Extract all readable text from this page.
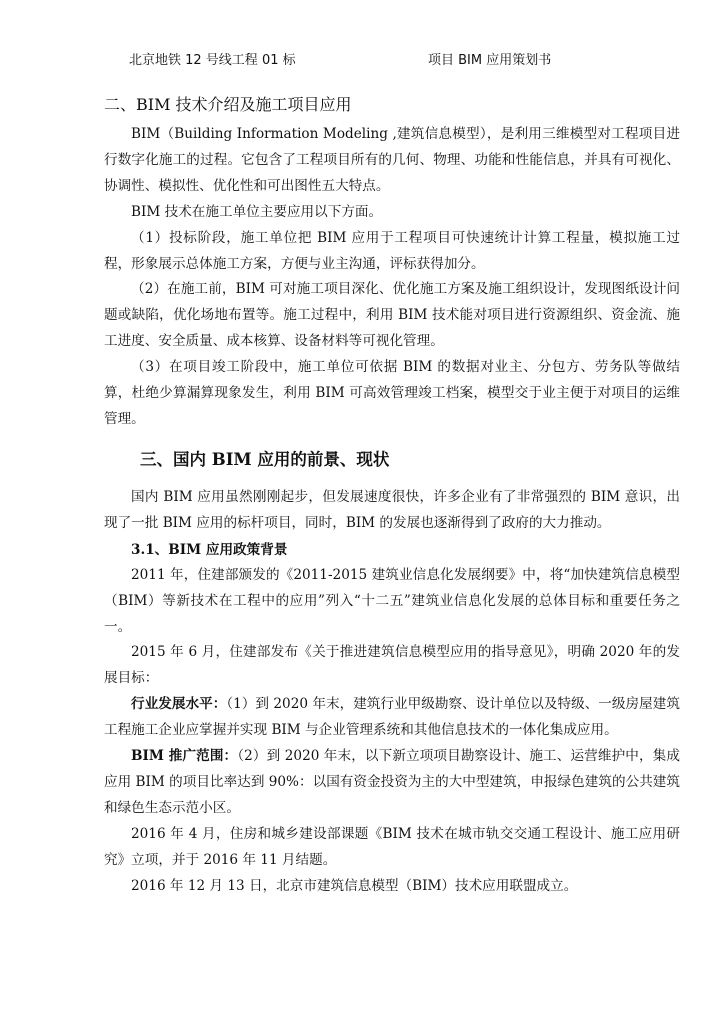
北京地铁 12 号线工程 01 标	项目 BIM 应用策划书
二、BIM 技术介绍及施工项目应用

BIM（Building Information Modeling ,建筑信息模型），是利用三维模型对工程项目进行数字化施工的过程。它包含了工程项目所有的几何、物理、功能和性能信息，并具有可视化、协调性、模拟性、优化性和可出图性五大特点。

BIM 技术在施工单位主要应用以下方面。

（1）投标阶段，施工单位把 BIM 应用于工程项目可快速统计计算工程量，模拟施工过程，形象展示总体施工方案，方便与业主沟通，评标获得加分。

（2）在施工前，BIM 可对施工项目深化、优化施工方案及施工组织设计，发现图纸设计问题或缺陷，优化场地布置等。施工过程中，利用 BIM 技术能对项目进行资源组织、资金流、施工进度、安全质量、成本核算、设备材料等可视化管理。

（3）在项目竣工阶段中，施工单位可依据 BIM 的数据对业主、分包方、劳务队等做结算，杜绝少算漏算现象发生，利用 BIM 可高效管理竣工档案，模型交于业主便于对项目的运维管理。

三、国内 BIM 应用的前景、现状

国内 BIM 应用虽然刚刚起步，但发展速度很快，许多企业有了非常强烈的 BIM 意识，出现了一批 BIM 应用的标杆项目，同时，BIM 的发展也逐渐得到了政府的大力推动。

3.1、BIM 应用政策背景

2011 年，住建部颁发的《2011-2015 建筑业信息化发展纲要》中，将“加快建筑信息模型（BIM）等新技术在工程中的应用”列入“十二五”建筑业信息化发展的总体目标和重要任务之一。

2015 年 6 月，住建部发布《关于推进建筑信息模型应用的指导意见》，明确 2020 年的发展目标：

行业发展水平：（1）到 2020 年末，建筑行业甲级勘察、设计单位以及特级、一级房屋建筑工程施工企业应掌握并实现 BIM 与企业管理系统和其他信息技术的一体化集成应用。

BIM 推广范围：（2）到 2020 年末，以下新立项项目勘察设计、施工、运营维护中，集成应用 BIM 的项目比率达到 90%：以国有资金投资为主的大中型建筑，申报绿色建筑的公共建筑和绿色生态示范小区。

2016 年 4 月，住房和城乡建设部课题《BIM 技术在城市轨交交通工程设计、施工应用研究》立项，并于 2016 年 11 月结题。

2016 年 12 月 13 日，北京市建筑信息模型（BIM）技术应用联盟成立。
